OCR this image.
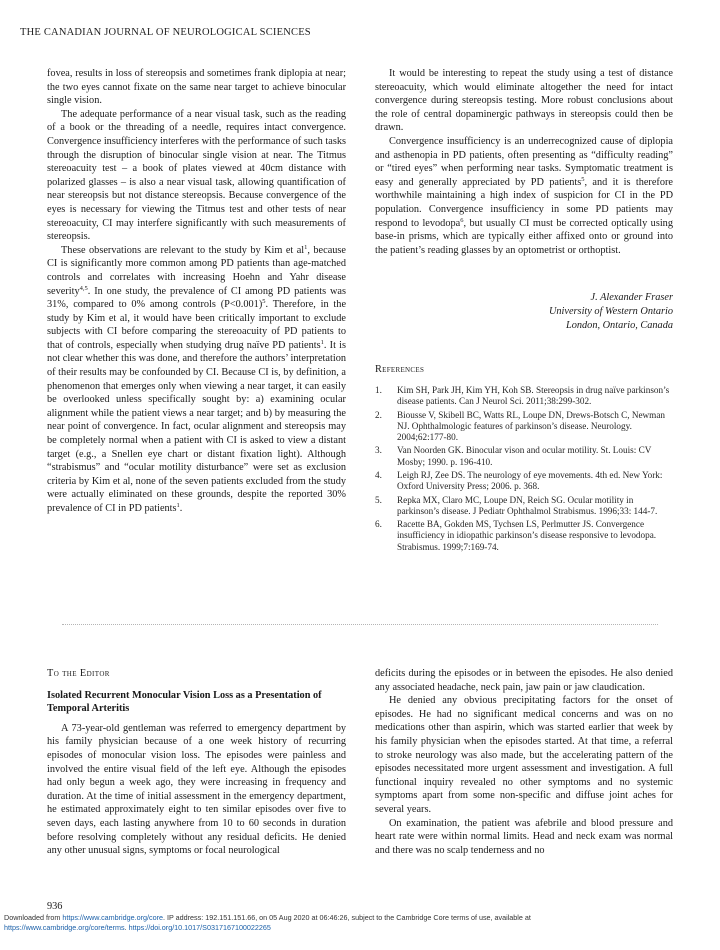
THE CANADIAN JOURNAL OF NEUROLOGICAL SCIENCES

fovea, results in loss of stereopsis and sometimes frank diplopia at near; the two eyes cannot fixate on the same near target to achieve binocular single vision.

The adequate performance of a near visual task, such as the reading of a book or the threading of a needle, requires intact convergence. Convergence insufficiency interferes with the performance of such tasks through the disruption of binocular single vision at near. The Titmus stereoacuity test – a book of plates viewed at 40cm distance with polarized glasses – is also a near visual task, allowing quantification of near stereopsis but not distance stereopsis. Because convergence of the eyes is necessary for viewing the Titmus test and other tests of near stereoacuity, CI may interfere significantly with such measurements of stereopsis.

These observations are relevant to the study by Kim et $al^1$, because CI is significantly more common among PD patients than age-matched controls and correlates with increasing Hoehn and Yahr disease severity$^{4,5}$. In one study, the prevalence of CI among PD patients was 31%, compared to 0% among controls (P<0.001)$^5$. Therefore, in the study by Kim et al, it would have been critically important to exclude subjects with CI before comparing the stereoacuity of PD patients to that of controls, especially when studying drug naïve PD patients$^1$. It is not clear whether this was done, and therefore the authors’ interpretation of their results may be confounded by CI. Because CI is, by definition, a phenomenon that emerges only when viewing a near target, it can easily be overlooked unless specifically sought by: a) examining ocular alignment while the patient views a near target; and b) by measuring the near point of convergence. In fact, ocular alignment and stereopsis may be completely normal when a patient with CI is asked to view a distant target (e.g., a Snellen eye chart or distant fixation light). Although “strabismus” and “ocular motility disturbance” were set as exclusion criteria by Kim et al, none of the seven patients excluded from the study were actually eliminated on these grounds, despite the reported 30% prevalence of CI in PD patients$^1$.

It would be interesting to repeat the study using a test of distance stereoacuity, which would eliminate altogether the need for intact convergence during stereopsis testing. More robust conclusions about the role of central dopaminergic pathways in stereopsis could then be drawn.

Convergence insufficiency is an underrecognized cause of diplopia and asthenopia in PD patients, often presenting as “difficulty reading” or “tired eyes” when performing near tasks. Symptomatic treatment is easy and generally appreciated by PD patients$^5$, and it is therefore worthwhile maintaining a high index of suspicion for CI in the PD population. Convergence insufficiency in some PD patients may respond to levodopa$^6$, but usually CI must be corrected optically using base-in prisms, which are typically either affixed onto or ground into the patient’s reading glasses by an optometrist or orthoptist.

J. Alexander Fraser
University of Western Ontario
London, Ontario, Canada
References
1. Kim SH, Park JH, Kim YH, Koh SB. Stereopsis in drug naïve parkinson’s disease patients. Can J Neurol Sci. 2011;38:299-302.
2. Biousse V, Skibell BC, Watts RL, Loupe DN, Drews-Botsch C, Newman NJ. Ophthalmologic features of parkinson’s disease. Neurology. 2004;62:177-80.
3. Van Noorden GK. Binocular vison and ocular motility. St. Louis: CV Mosby; 1990. p. 196-410.
4. Leigh RJ, Zee DS. The neurology of eye movements. 4th ed. New York: Oxford University Press; 2006. p. 368.
5. Repka MX, Claro MC, Loupe DN, Reich SG. Ocular motility in parkinson’s disease. J Pediatr Ophthalmol Strabismus. 1996;33: 144-7.
6. Racette BA, Gokden MS, Tychsen LS, Perlmutter JS. Convergence insufficiency in idiopathic parkinson’s disease responsive to levodopa. Strabismus. 1999;7:169-74.
To the Editor
Isolated Recurrent Monocular Vision Loss as a Presentation of Temporal Arteritis

A 73-year-old gentleman was referred to emergency department by his family physician because of a one week history of recurring episodes of monocular vision loss. The episodes were painless and involved the entire visual field of the left eye. Although the episodes had only begun a week ago, they were increasing in frequency and duration. At the time of initial assessment in the emergency department, he estimated approximately eight to ten similar episodes over five to seven days, each lasting anywhere from 10 to 60 seconds in duration before resolving completely without any residual deficits. He denied any other unusual signs, symptoms or focal neurological

deficits during the episodes or in between the episodes. He also denied any associated headache, neck pain, jaw pain or jaw claudication.

He denied any obvious precipitating factors for the onset of episodes. He had no significant medical concerns and was on no medications other than aspirin, which was started earlier that week by his family physician when the episodes started. At that time, a referral to stroke neurology was also made, but the accelerating pattern of the episodes necessitated more urgent assessment and investigation. A full functional inquiry revealed no other symptoms and no systemic symptoms apart from some non-specific and diffuse joint aches for several years.

On examination, the patient was afebrile and blood pressure and heart rate were within normal limits. Head and neck exam was normal and there was no scalp tenderness and no

936
Downloaded from https://www.cambridge.org/core. IP address: 192.151.151.66, on 05 Aug 2020 at 06:46:26, subject to the Cambridge Core terms of use, available at
https://www.cambridge.org/core/terms. https://doi.org/10.1017/S0317167100022265
